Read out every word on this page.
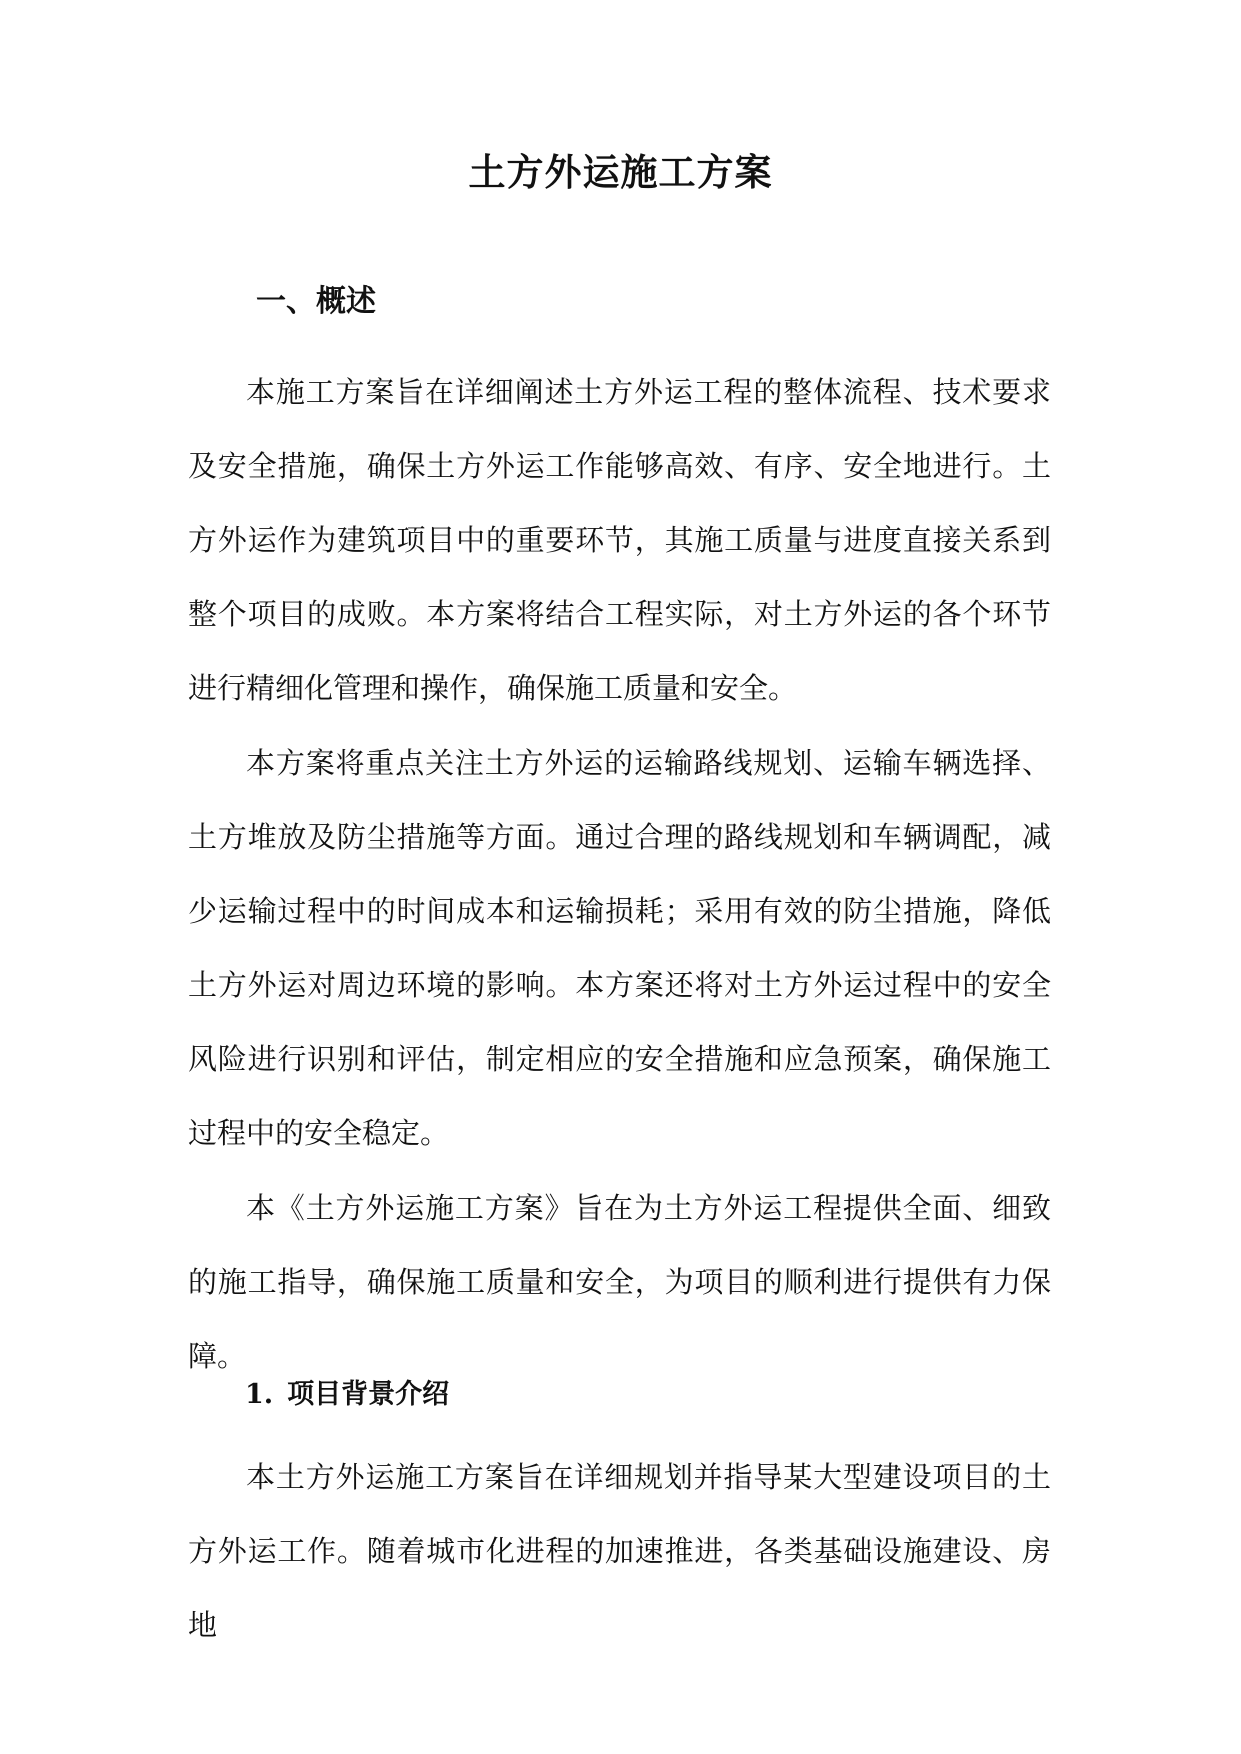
土方外运施工方案
一、概述

本施工方案旨在详细阐述土方外运工程的整体流程、技术要求及安全措施，确保土方外运工作能够高效、有序、安全地进行。土方外运作为建筑项目中的重要环节，其施工质量与进度直接关系到整个项目的成败。本方案将结合工程实际，对土方外运的各个环节进行精细化管理和操作，确保施工质量和安全。

本方案将重点关注土方外运的运输路线规划、运输车辆选择、土方堆放及防尘措施等方面。通过合理的路线规划和车辆调配，减少运输过程中的时间成本和运输损耗；采用有效的防尘措施，降低土方外运对周边环境的影响。本方案还将对土方外运过程中的安全风险进行识别和评估，制定相应的安全措施和应急预案，确保施工过程中的安全稳定。

本《土方外运施工方案》旨在为土方外运工程提供全面、细致的施工指导，确保施工质量和安全，为项目的顺利进行提供有力保障。

1. 项目背景介绍

本土方外运施工方案旨在详细规划并指导某大型建设项目的土方外运工作。随着城市化进程的加速推进，各类基础设施建设、房地
